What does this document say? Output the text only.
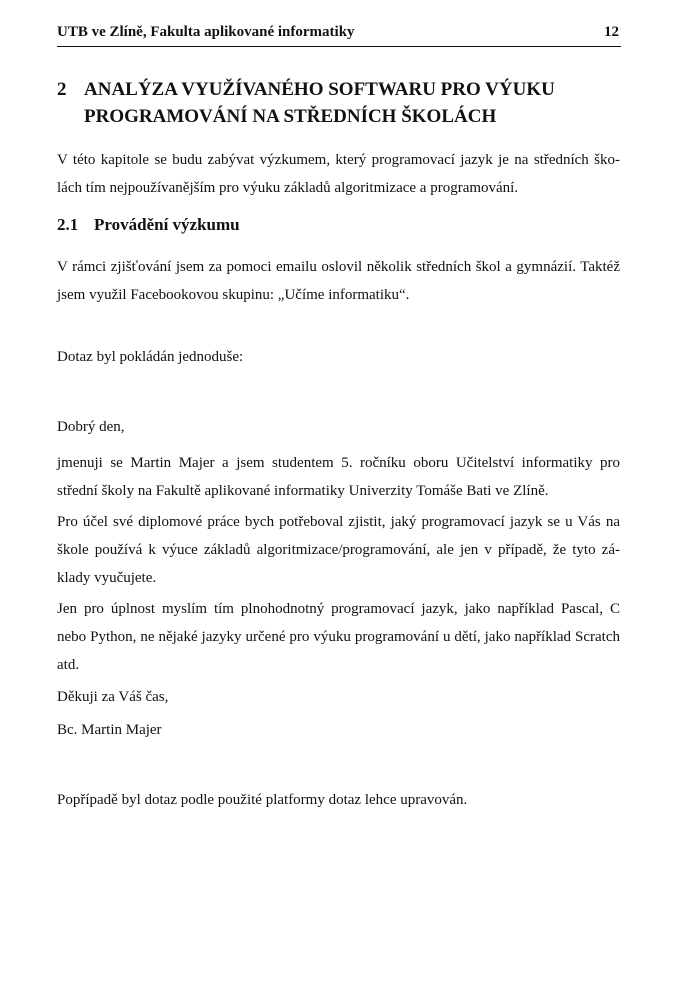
UTB ve Zlíně, Fakulta aplikované informatiky	12
2 ANALÝZA VYUŽÍVANÉHO SOFTWARU PRO VÝUKU
PROGRAMOVÁNÍ NA STŘEDNÍCH ŠKOLÁCH

V této kapitole se budu zabývat výzkumem, který programovací jazyk je na středních ško-
lách tím nejpoužívanějším pro výuku základů algoritmizace a programování.

2.1 Provádění výzkumu

V rámci zjišťování jsem za pomoci emailu oslovil několik středních škol a gymnázií. Taktéž
jsem využil Facebookovou skupinu: „Učíme informatiku“.

Dotaz byl pokládán jednoduše:

Dobrý den,

jmenuji se Martin Majer a jsem studentem 5. ročníku oboru Učitelství informatiky pro
střední školy na Fakultě aplikované informatiky Univerzity Tomáše Bati ve Zlíně.

Pro účel své diplomové práce bych potřeboval zjistit, jaký programovací jazyk se u Vás na
škole používá k výuce základů algoritmizace/programování, ale jen v případě, že tyto zá-
klady vyučujete.

Jen pro úplnost myslím tím plnohodnotný programovací jazyk, jako například Pascal, C
nebo Python, ne nějaké jazyky určené pro výuku programování u dětí, jako například Scratch
atd.

Děkuji za Váš čas,

Bc. Martin Majer

Popřípadě byl dotaz podle použité platformy dotaz lehce upravován.
